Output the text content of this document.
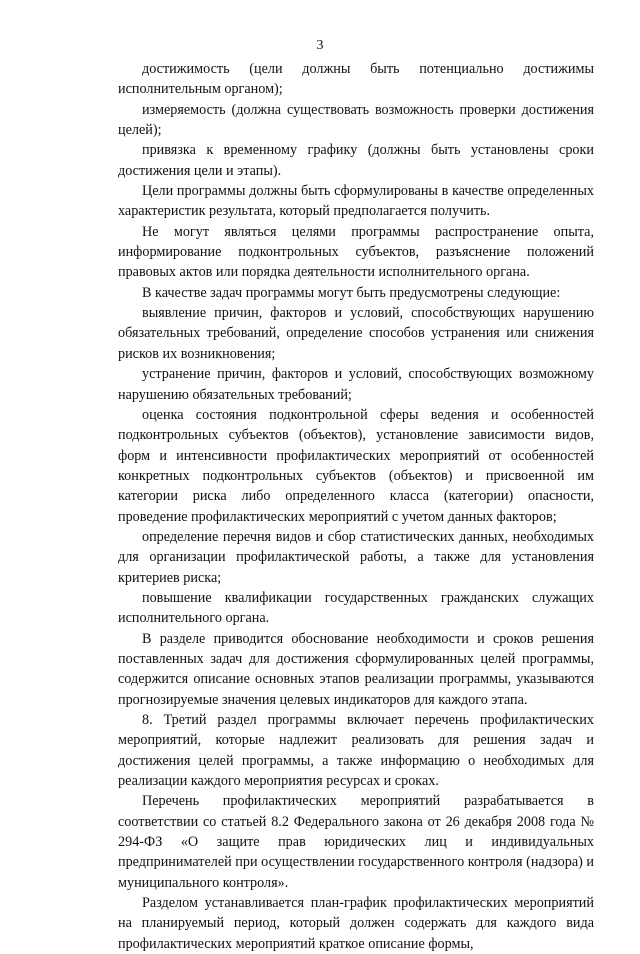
3

достижимость (цели должны быть потенциально достижимы исполнительным органом);

измеряемость (должна существовать возможность проверки достижения целей);

привязка к временному графику (должны быть установлены сроки достижения цели и этапы).

Цели программы должны быть сформулированы в качестве определенных характеристик результата, который предполагается получить.

Не могут являться целями программы распространение опыта, информирование подконтрольных субъектов, разъяснение положений правовых актов или порядка деятельности исполнительного органа.

В качестве задач программы могут быть предусмотрены следующие:

выявление причин, факторов и условий, способствующих нарушению обязательных требований, определение способов устранения или снижения рисков их возникновения;

устранение причин, факторов и условий, способствующих возможному нарушению обязательных требований;

оценка состояния подконтрольной сферы ведения и особенностей подконтрольных субъектов (объектов), установление зависимости видов, форм и интенсивности профилактических мероприятий от особенностей конкретных подконтрольных субъектов (объектов) и присвоенной им категории риска либо определенного класса (категории) опасности, проведение профилактических мероприятий с учетом данных факторов;

определение перечня видов и сбор статистических данных, необходимых для организации профилактической работы, а также для установления критериев риска;

повышение квалификации государственных гражданских служащих исполнительного органа.

В разделе приводится обоснование необходимости и сроков решения поставленных задач для достижения сформулированных целей программы, содержится описание основных этапов реализации программы, указываются прогнозируемые значения целевых индикаторов для каждого этапа.

8. Третий раздел программы включает перечень профилактических мероприятий, которые надлежит реализовать для решения задач и достижения целей программы, а также информацию о необходимых для реализации каждого мероприятия ресурсах и сроках.

Перечень профилактических мероприятий разрабатывается в соответствии со статьей 8.2 Федерального закона от 26 декабря 2008 года № 294-ФЗ «О защите прав юридических лиц и индивидуальных предпринимателей при осуществлении государственного контроля (надзора) и муниципального контроля».

Разделом устанавливается план-график профилактических мероприятий на планируемый период, который должен содержать для каждого вида профилактических мероприятий краткое описание формы,
